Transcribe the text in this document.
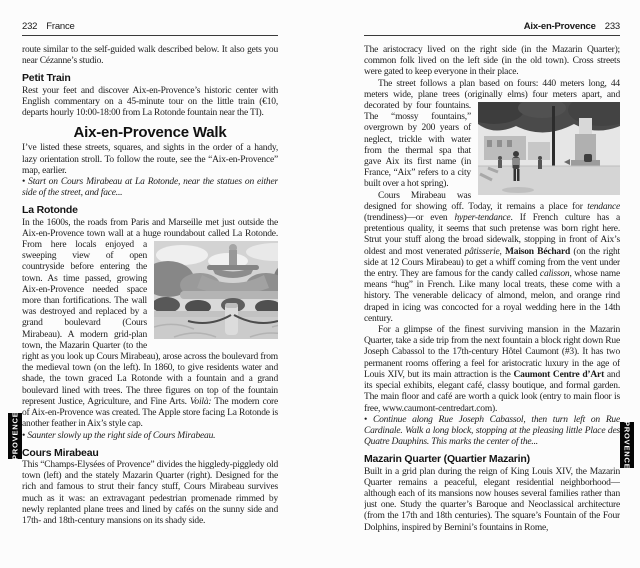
232 France

route similar to the self-guided walk described below. It also gets you near Cézanne’s studio.

Petit Train

Rest your feet and discover Aix-en-Provence’s historic center with English commentary on a 45-minute tour on the little train (€10, departs hourly 10:00-18:00 from La Rotonde fountain near the TI).

Aix-en-Provence Walk

I’ve listed these streets, squares, and sights in the order of a handy, lazy orientation stroll. To follow the route, see the “Aix-en-Provence” map, earlier.

• Start on Cours Mirabeau at La Rotonde, near the statues on either side of the street, and face...

La Rotonde

In the 1600s, the roads from Paris and Marseille met just outside the Aix-en-Provence town wall at a huge roundabout called La
Rotonde. From here locals enjoyed a sweeping view of open countryside before entering the town. As time passed, growing Aix-en-Provence needed space more than fortifications. The wall was destroyed and replaced by a grand boulevard (Cours Mirabeau). A modern grid-plan town, the Mazarin Quarter (to the right as you look up Cours Mirabeau), arose across the boulevard from the medieval town (on the left). In 1860, to give residents water and shade, the town graced La Rotonde with a fountain and a grand boulevard lined with trees. The three figures on top of the fountain represent Justice, Agriculture, and Fine Arts. Voilà: The modern core of Aix-en-Provence was created. The Apple store facing La Rotonde is another feather in Aix’s style cap.

• Saunter slowly up the right side of Cours Mirabeau.

Cours Mirabeau

This “Champs-Elysées of Provence” divides the higgledy-piggledy old town (left) and the stately Mazarin Quarter (right). Designed for the rich and famous to strut their fancy stuff, Cours Mirabeau survives much as it was: an extravagant pedestrian promenade rimmed by newly replanted plane trees and lined by cafés on the sunny side and 17th- and 18th-century mansions on its shady side.

Aix-en-Provence 233

The aristocracy lived on the right side (in the Mazarin Quarter); common folk lived on the left side (in the old town). Cross streets were gated to keep everyone in their place.

The street follows a plan based on fours: 440 meters long, 44 meters wide, plane trees (originally elms) four meters apart, and
decorated by four fountains. The “mossy fountains,” overgrown by 200 years of neglect, trickle with water from the thermal spa that gave Aix its first name (in France, “Aix” refers to a city built over a hot spring).

Cours Mirabeau was designed for showing off. Today, it remains a place for tendance (trendiness)—or even hyper-tendance. If French culture has a pretentious quality, it seems that such pretense was born right here. Strut your stuff along the broad sidewalk, stopping in front of Aix’s oldest and most venerated pâtisserie, Maison Béchard (on the right side at 12 Cours Mirabeau) to get a whiff coming from the vent under the entry. They are famous for the candy called calisson, whose name means “hug” in French. Like many local treats, these come with a history. The venerable delicacy of almond, melon, and orange rind draped in icing was concocted for a royal wedding here in the 14th century.

For a glimpse of the finest surviving mansion in the Mazarin Quarter, take a side trip from the next fountain a block right down Rue Joseph Cabassol to the 17th-century Hôtel Caumont (#3). It has two permanent rooms offering a feel for aristocratic luxury in the age of Louis XIV, but its main attraction is the Caumont Centre d’Art and its special exhibits, elegant café, classy boutique, and formal garden. The main floor and café are worth a quick look (entry to main floor is free, www.caumont-centredart.com).

• Continue along Rue Joseph Cabassol, then turn left on Rue Cardinale. Walk a long block, stopping at the pleasing little Place des Quatre Dauphins. This marks the center of the...

Mazarin Quarter (Quartier Mazarin)

Built in a grid plan during the reign of King Louis XIV, the Mazarin Quarter remains a peaceful, elegant residential neighborhood—although each of its mansions now houses several families rather than just one. Study the quarter’s Baroque and Neoclassical architecture (from the 17th and 18th centuries). The square’s Fountain of the Four Dolphins, inspired by Bernini’s fountains in Rome,

PROVENCE	PROVENCE
